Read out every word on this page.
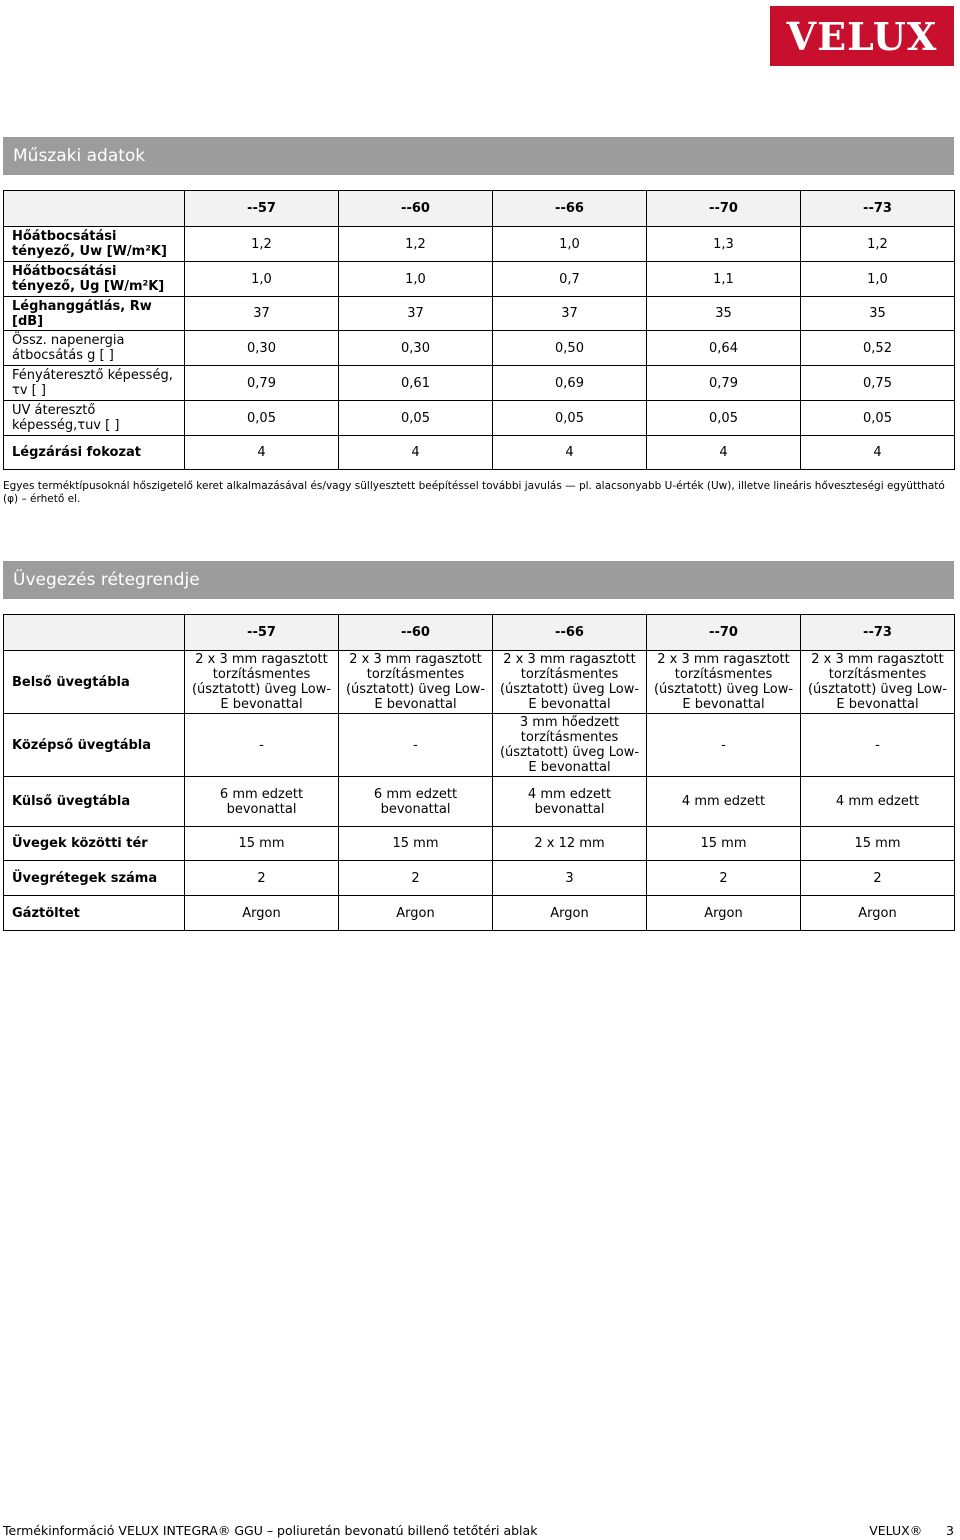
VELUX
Műszaki adatok
	--57	--60	--66	--70	--73
Hőátbocsátási tényező, Uw [W/m²K]	1,2	1,2	1,0	1,3	1,2
Hőátbocsátási tényező, Ug [W/m²K]	1,0	1,0	0,7	1,1	1,0
Léghanggátlás, Rw [dB]	37	37	37	35	35
Össz. napenergia átbocsátás g [ ]	0,30	0,30	0,50	0,64	0,52
Fényáteresztő képesség, τv [ ]	0,79	0,61	0,69	0,79	0,75
UV áteresztő képesség,τuv [ ]	0,05	0,05	0,05	0,05	0,05
Légzárási fokozat	4	4	4	4	4
Egyes terméktípusoknál hőszigetelő keret alkalmazásával és/vagy süllyesztett beépítéssel további javulás — pl. alacsonyabb U-érték (Uw), illetve lineáris hőveszteségi együttható (φ) – érhető el.
Üvegezés rétegrendje
	--57	--60	--66	--70	--73
Belső üvegtábla	2 x 3 mm ragasztott torzításmentes (úsztatott) üveg Low-E bevonattal	2 x 3 mm ragasztott torzításmentes (úsztatott) üveg Low-E bevonattal	2 x 3 mm ragasztott torzításmentes (úsztatott) üveg Low-E bevonattal	2 x 3 mm ragasztott torzításmentes (úsztatott) üveg Low-E bevonattal	2 x 3 mm ragasztott torzításmentes (úsztatott) üveg Low-E bevonattal
Középső üvegtábla	-	-	3 mm hőedzett torzításmentes (úsztatott) üveg Low-E bevonattal	-	-
Külső üvegtábla	6 mm edzett bevonattal	6 mm edzett bevonattal	4 mm edzett bevonattal	4 mm edzett	4 mm edzett
Üvegek közötti tér	15 mm	15 mm	2 x 12 mm	15 mm	15 mm
Üvegrétegek száma	2	2	3	2	2
Gáztöltet	Argon	Argon	Argon	Argon	Argon
Termékinformáció VELUX INTEGRA® GGU – poliuretán bevonatú billenő tetőtéri ablak	VELUX® 3
